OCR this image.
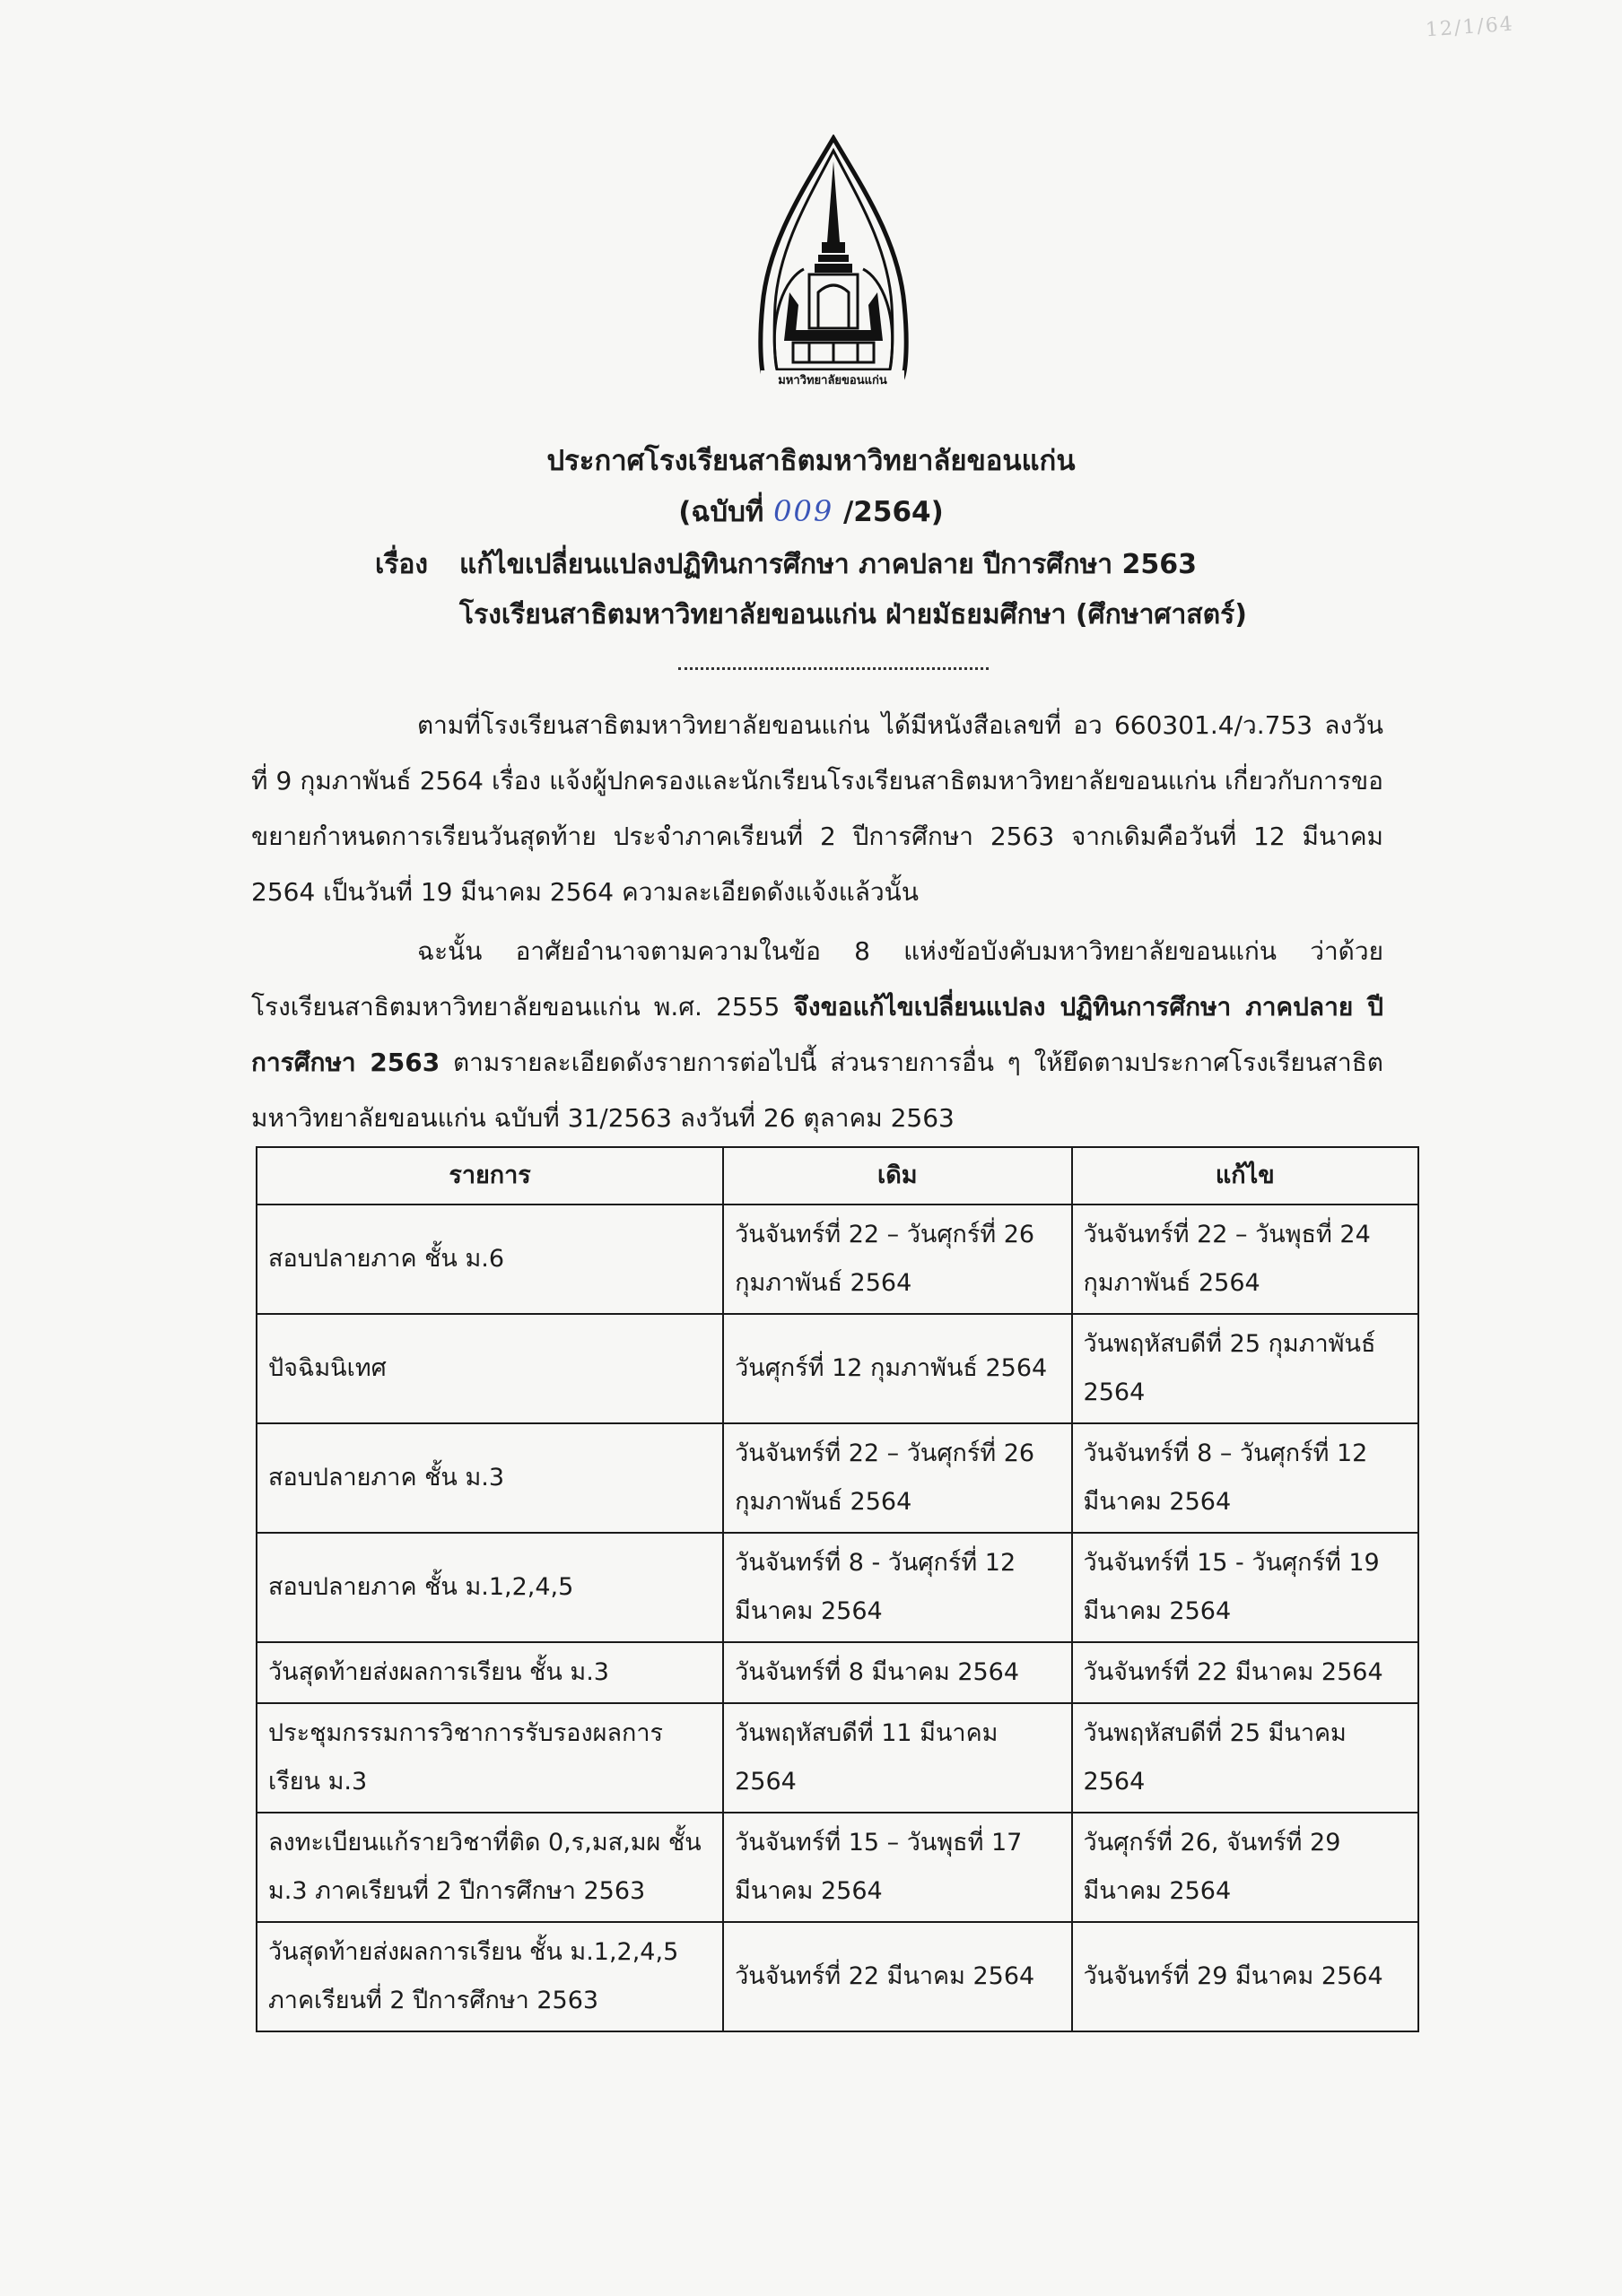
12/1/64
มหาวิทยาลัยขอนแก่น
ประกาศโรงเรียนสาธิตมหาวิทยาลัยขอนแก่น
(ฉบับที่ 009 /2564)
เรื่อง แก้ไขเปลี่ยนแปลงปฏิทินการศึกษา ภาคปลาย ปีการศึกษา 2563
โรงเรียนสาธิตมหาวิทยาลัยขอนแก่น ฝ่ายมัธยมศึกษา (ศึกษาศาสตร์)
ตามที่โรงเรียนสาธิตมหาวิทยาลัยขอนแก่น ได้มีหนังสือเลขที่ อว 660301.4/ว.753 ลงวันที่ 9 กุมภาพันธ์ 2564 เรื่อง แจ้งผู้ปกครองและนักเรียนโรงเรียนสาธิตมหาวิทยาลัยขอนแก่น เกี่ยวกับการขอขยายกำหนดการเรียนวันสุดท้าย ประจำภาคเรียนที่ 2 ปีการศึกษา 2563 จากเดิมคือวันที่ 12 มีนาคม 2564 เป็นวันที่ 19 มีนาคม 2564 ความละเอียดดังแจ้งแล้วนั้น
ฉะนั้น อาศัยอำนาจตามความในข้อ 8 แห่งข้อบังคับมหาวิทยาลัยขอนแก่น ว่าด้วยโรงเรียนสาธิตมหาวิทยาลัยขอนแก่น พ.ศ. 2555 จึงขอแก้ไขเปลี่ยนแปลง ปฏิทินการศึกษา ภาคปลาย ปีการศึกษา 2563 ตามรายละเอียดดังรายการต่อไปนี้ ส่วนรายการอื่น ๆ ให้ยึดตามประกาศโรงเรียนสาธิตมหาวิทยาลัยขอนแก่น ฉบับที่ 31/2563 ลงวันที่ 26 ตุลาคม 2563
รายการ	เดิม	แก้ไข
สอบปลายภาค ชั้น ม.6	วันจันทร์ที่ 22 – วันศุกร์ที่ 26 กุมภาพันธ์ 2564	วันจันทร์ที่ 22 – วันพุธที่ 24 กุมภาพันธ์ 2564
ปัจฉิมนิเทศ	วันศุกร์ที่ 12 กุมภาพันธ์ 2564	วันพฤหัสบดีที่ 25 กุมภาพันธ์ 2564
สอบปลายภาค ชั้น ม.3	วันจันทร์ที่ 22 – วันศุกร์ที่ 26 กุมภาพันธ์ 2564	วันจันทร์ที่ 8 – วันศุกร์ที่ 12 มีนาคม 2564
สอบปลายภาค ชั้น ม.1,2,4,5	วันจันทร์ที่ 8 - วันศุกร์ที่ 12 มีนาคม 2564	วันจันทร์ที่ 15 - วันศุกร์ที่ 19 มีนาคม 2564
วันสุดท้ายส่งผลการเรียน ชั้น ม.3	วันจันทร์ที่ 8 มีนาคม 2564	วันจันทร์ที่ 22 มีนาคม 2564
ประชุมกรรมการวิชาการรับรองผลการเรียน ม.3	วันพฤหัสบดีที่ 11 มีนาคม 2564	วันพฤหัสบดีที่ 25 มีนาคม 2564
ลงทะเบียนแก้รายวิชาที่ติด 0,ร,มส,มผ ชั้น ม.3 ภาคเรียนที่ 2 ปีการศึกษา 2563	วันจันทร์ที่ 15 – วันพุธที่ 17 มีนาคม 2564	วันศุกร์ที่ 26, จันทร์ที่ 29 มีนาคม 2564
วันสุดท้ายส่งผลการเรียน ชั้น ม.1,2,4,5 ภาคเรียนที่ 2 ปีการศึกษา 2563	วันจันทร์ที่ 22 มีนาคม 2564	วันจันทร์ที่ 29 มีนาคม 2564
